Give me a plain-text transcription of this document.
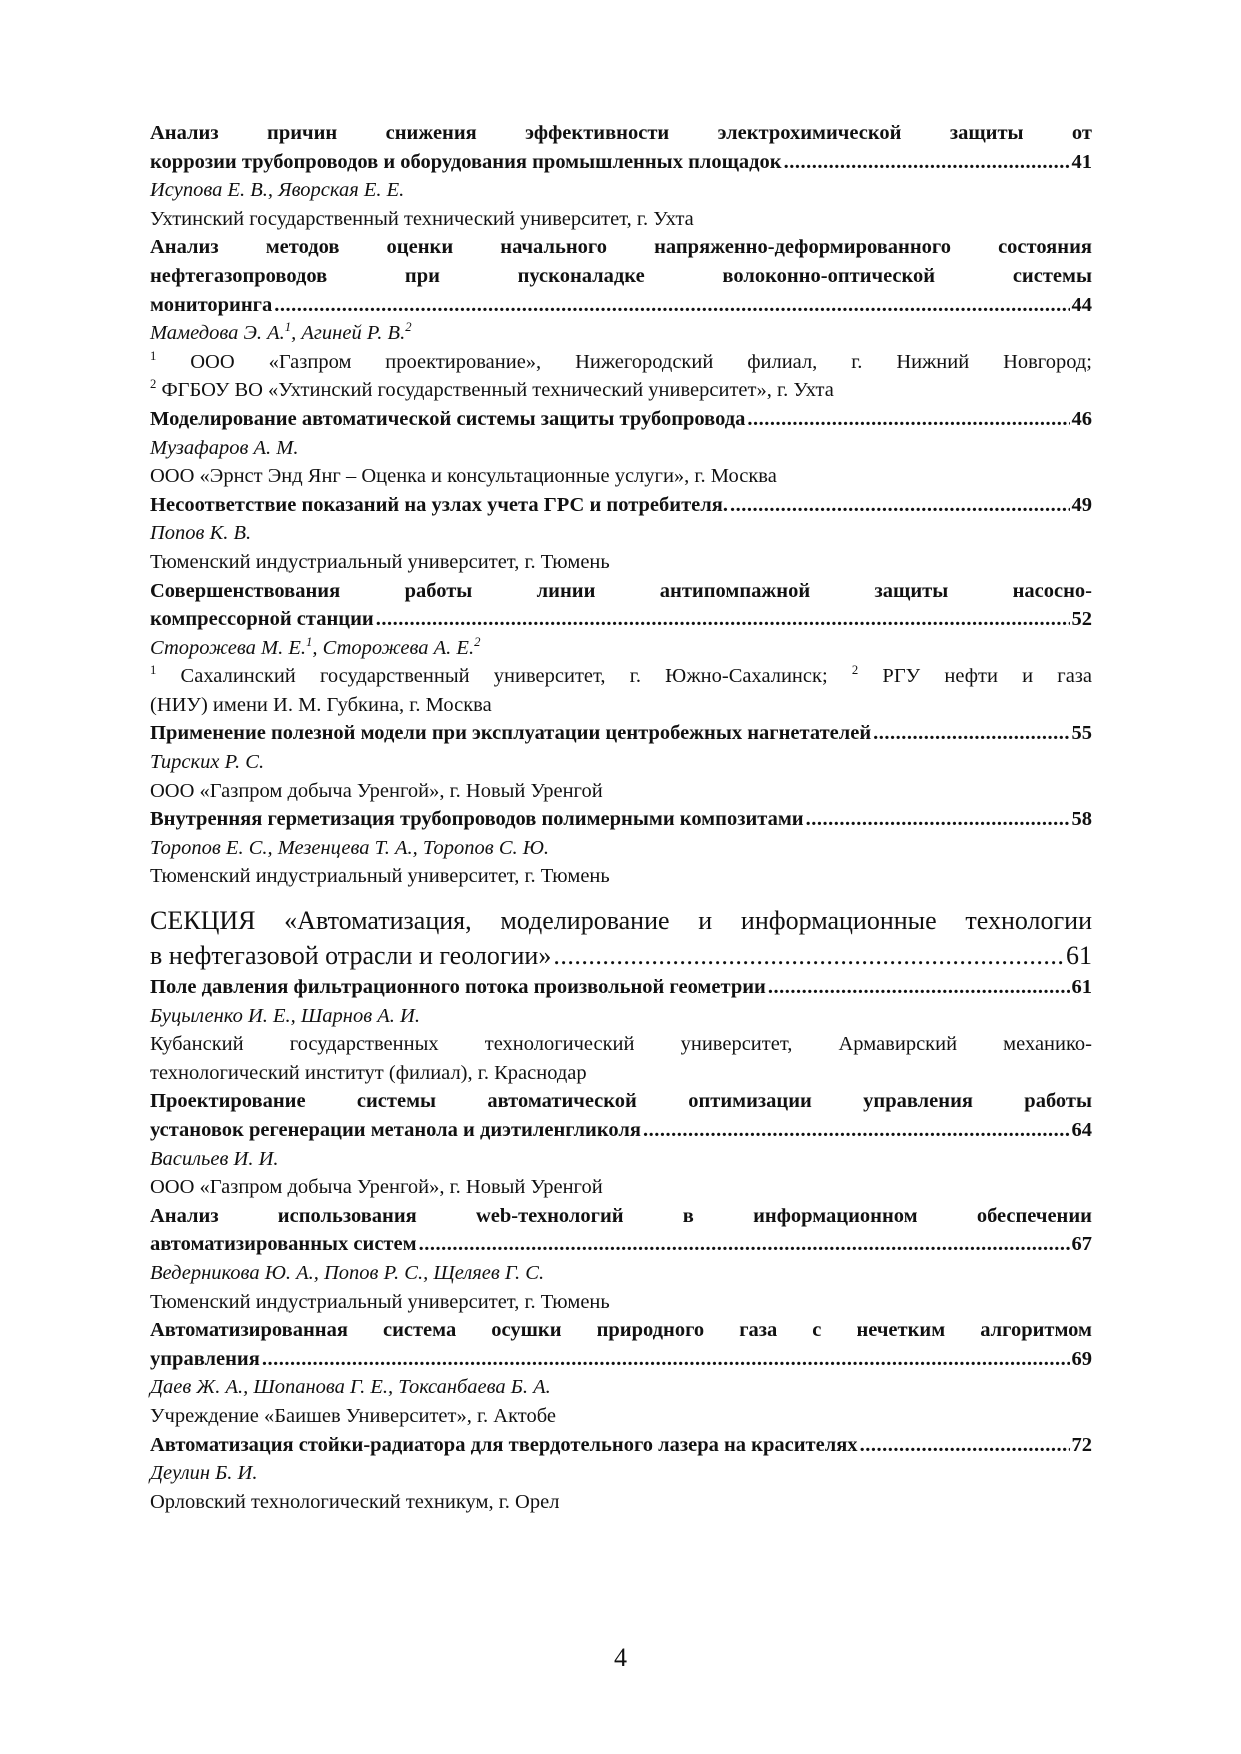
Анализ причин снижения эффективности электрохимической защиты от
коррозии трубопроводов и оборудования промышленных площадок .....	41
Исупова Е. В., Яворская Е. Е.
Ухтинский государственный технический университет, г. Ухта
Анализ методов оценки начального напряженно-деформированного состояния
нефтегазопроводов при пусконаладке волоконно-оптической системы
мониторинга .....	44
Мамедова Э. А.$^1$, Агиней Р. В.$^2$
$^1$ ООО «Газпром проектирование», Нижегородский филиал, г. Нижний Новгород;
$^2$ ФГБОУ ВО «Ухтинский государственный технический университет», г. Ухта
Моделирование автоматической системы защиты трубопровода .....	46
Музафаров А. М.
ООО «Эрнст Энд Янг – Оценка и консультационные услуги», г. Москва
Несоответствие показаний на узлах учета ГРС и потребителя. .....	49
Попов К. В.
Тюменский индустриальный университет, г. Тюмень
Совершенствования работы линии антипомпажной защиты насосно-
компрессорной станции .....	52
Сторожева М. Е.$^1$, Сторожева А. Е.$^2$
$^1$ Сахалинский государственный университет, г. Южно-Сахалинск; $^2$ РГУ нефти и газа
(НИУ) имени И. М. Губкина, г. Москва
Применение полезной модели при эксплуатации центробежных нагнетателей .....	55
Тирских Р. С.
ООО «Газпром добыча Уренгой», г. Новый Уренгой
Внутренняя герметизация трубопроводов полимерными композитами .....	58
Торопов Е. С., Мезенцева Т. А., Торопов С. Ю.
Тюменский индустриальный университет, г. Тюмень
СЕКЦИЯ «Автоматизация, моделирование и информационные технологии
в нефтегазовой отрасли и геологии» .....	61
Поле давления фильтрационного потока произвольной геометрии .....	61
Буцыленко И. Е., Шарнов А. И.
Кубанский государственных технологический университет, Армавирский механико-
технологический институт (филиал), г. Краснодар
Проектирование системы автоматической оптимизации управления работы
установок регенерации метанола и диэтиленгликоля .....	64
Васильев И. И.
ООО «Газпром добыча Уренгой», г. Новый Уренгой
Анализ использования web-технологий в информационном обеспечении
автоматизированных систем .....	67
Ведерникова Ю. А., Попов Р. С., Щеляев Г. С.
Тюменский индустриальный университет, г. Тюмень
Автоматизированная система осушки природного газа с нечетким алгоритмом
управления .....	69
Даев Ж. А., Шопанова Г. Е., Токсанбаева Б. А.
Учреждение «Баишев Университет», г. Актобе
Автоматизация стойки-радиатора для твердотельного лазера на красителях .....	72
Деулин Б. И.
Орловский технологический техникум, г. Орел
4
